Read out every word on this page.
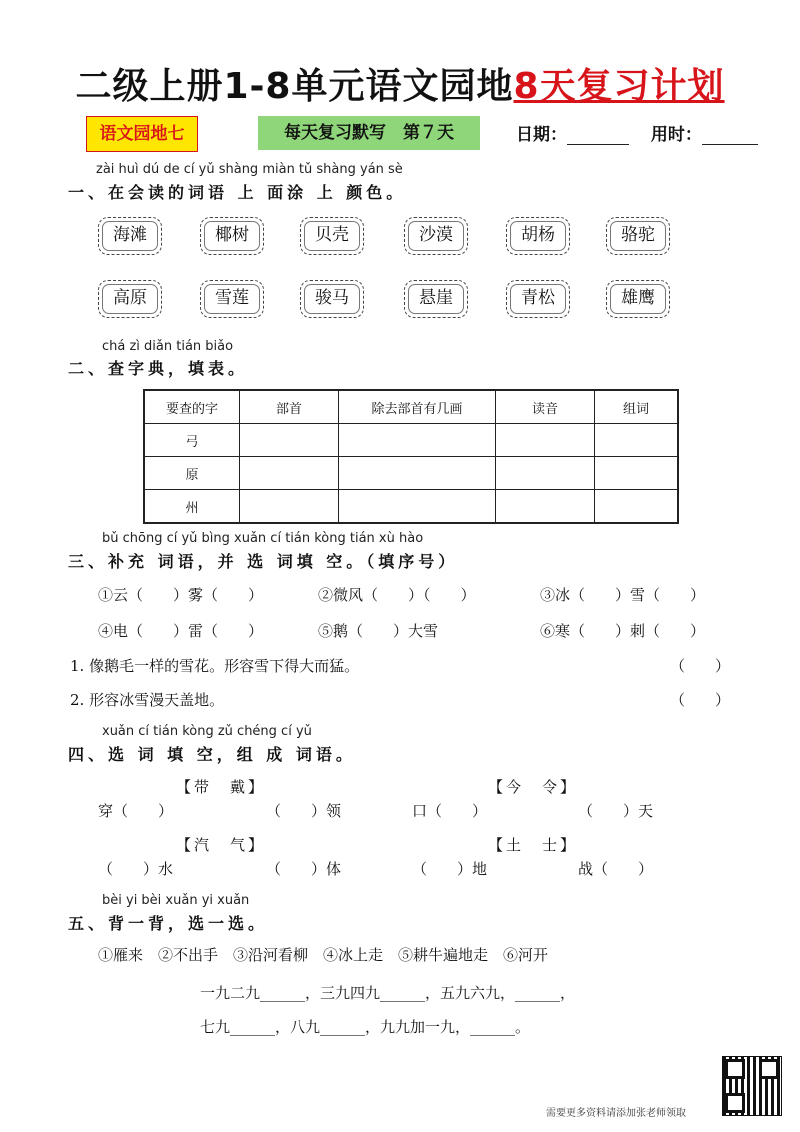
二级上册1-8单元语文园地8天复习计划
语文园地七	每天复习默写　第７天	日期：	用时：
zài huì dú de cí yǔ shàng miàn tǔ shàng yán sè
一、在会读的词语 上 面涂 上 颜色。
海滩	椰树	贝壳	沙漠	胡杨	骆驼
高原	雪莲	骏马	悬崖	青松	雄鹰
chá zì diǎn tián biǎo
二、查字典，填表。
要查的字	部首	除去部首有几画	读音	组词
弓				
原				
州				
bǔ chōng cí yǔ bìng xuǎn cí tián kòng tián xù hào
三、补充 词语，并 选 词填 空。（填序号）
①云（　　）雾（　　）	②微风（　　）（　　）	③冰（　　）雪（　　）
④电（　　）雷（　　）	⑤鹅（　　）大雪	⑥寒（　　）刺（　　）
1. 像鹅毛一样的雪花。形容雪下得大而猛。	（　　）
2. 形容冰雪漫天盖地。	（　　）
xuǎn cí tián kòng zǔ chéng cí yǔ
四、选 词 填 空，组 成 词语。
【带　戴】	【今　令】
穿（　　）	（　　）领	口（　　）	（　　）天
【汽　气】	【土　士】
（　　）水	（　　）体	（　　）地	战（　　）
bèi yi bèi xuǎn yi xuǎn
五、背一背，选一选。
①雁来　②不出手　③沿河看柳　④冰上走　⑤耕牛遍地走　⑥河开
一九二九______，三九四九______，五九六九，______，
七九______，八九______，九九加一九，______。
需要更多资料请添加张老师领取
